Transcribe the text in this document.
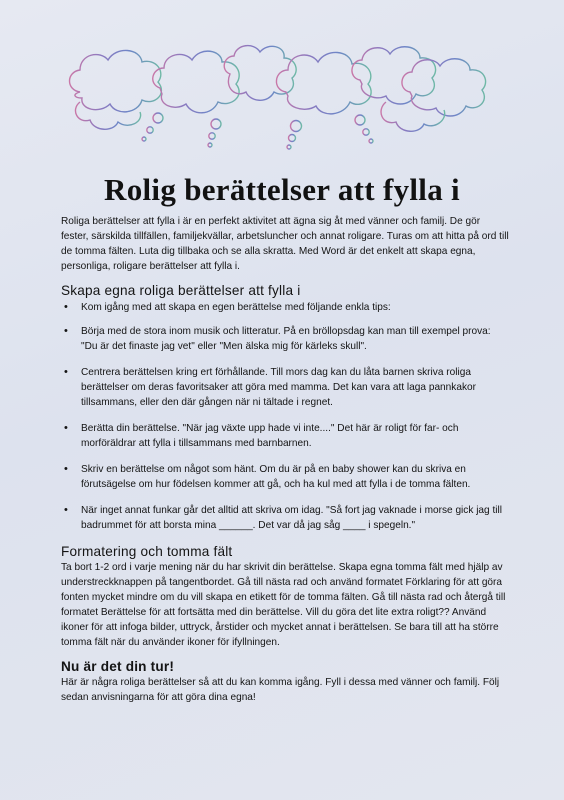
Rolig berättelser att fylla i

Roliga berättelser att fylla i är en perfekt aktivitet att ägna sig åt med vänner och familj. De gör fester, särskilda tillfällen, familjekvällar, arbetsluncher och annat roligare. Turas om att hitta på ord till de tomma fälten. Luta dig tillbaka och se alla skratta. Med Word är det enkelt att skapa egna, personliga, roligare berättelser att fylla i.

Skapa egna roliga berättelser att fylla i
• Kom igång med att skapa en egen berättelse med följande enkla tips:
• Börja med de stora inom musik och litteratur. På en bröllopsdag kan man till exempel prova: "Du är det finaste jag vet" eller "Men älska mig för kärleks skull".
• Centrera berättelsen kring ert förhållande. Till mors dag kan du låta barnen skriva roliga berättelser om deras favoritsaker att göra med mamma. Det kan vara att laga pannkakor tillsammans, eller den där gången när ni tältade i regnet.
• Berätta din berättelse. "När jag växte upp hade vi inte...." Det här är roligt för far- och morföräldrar att fylla i tillsammans med barnbarnen.
• Skriv en berättelse om något som hänt. Om du är på en baby shower kan du skriva en förutsägelse om hur födelsen kommer att gå, och ha kul med att fylla i de tomma fälten.
• När inget annat funkar går det alltid att skriva om idag. "Så fort jag vaknade i morse gick jag till badrummet för att borsta mina ______. Det var då jag såg ____ i spegeln."
Formatering och tomma fält

Ta bort 1-2 ord i varje mening när du har skrivit din berättelse. Skapa egna tomma fält med hjälp av understreckknappen på tangentbordet. Gå till nästa rad och använd formatet Förklaring för att göra fonten mycket mindre om du vill skapa en etikett för de tomma fälten. Gå till nästa rad och återgå till formatet Berättelse för att fortsätta med din berättelse. Vill du göra det lite extra roligt?? Använd ikoner för att infoga bilder, uttryck, årstider och mycket annat i berättelsen. Se bara till att ha större tomma fält när du använder ikoner för ifyllningen.

Nu är det din tur!

Här är några roliga berättelser så att du kan komma igång. Fyll i dessa med vänner och familj. Följ sedan anvisningarna för att göra dina egna!
